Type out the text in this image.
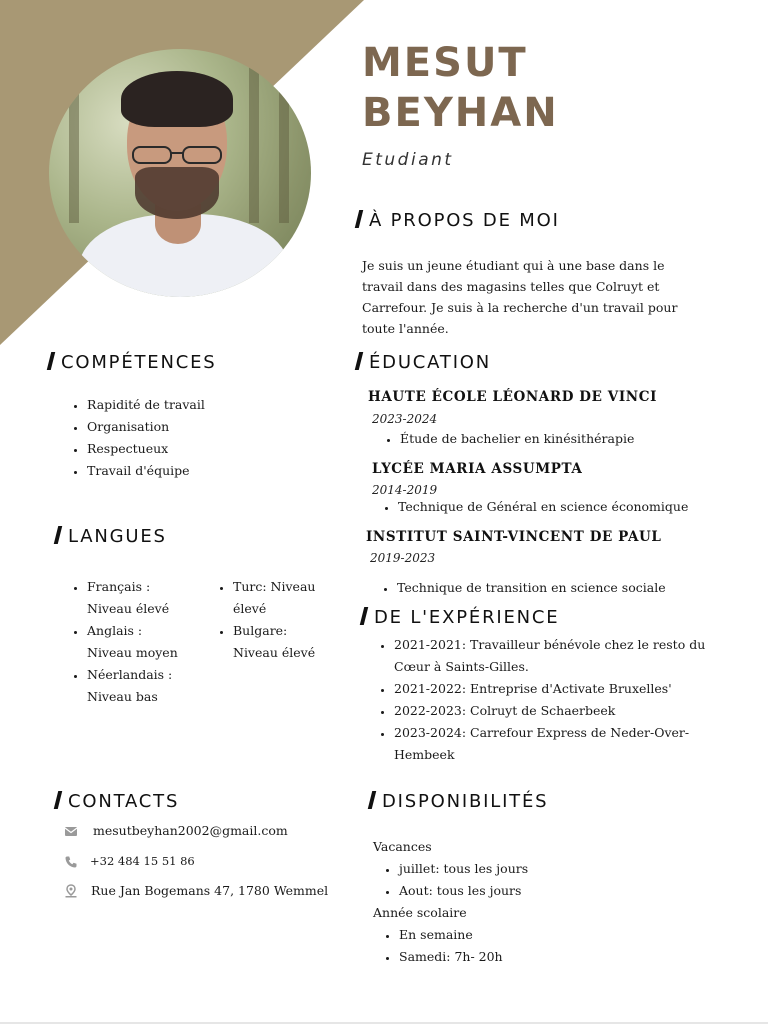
MESUT
BEYHAN
Etudiant
À PROPOS DE MOI
Je suis un jeune étudiant qui à une base dans le
travail dans des magasins telles que Colruyt et
Carrefour. Je suis à la recherche d'un travail pour
toute l'année.
COMPÉTENCES
• Rapidité de travail
• Organisation
• Respectueux
• Travail d'équipe
LANGUES
• Français :
Niveau élevé
• Anglais :
Niveau moyen
• Néerlandais :
Niveau bas
• Turc: Niveau
élevé
• Bulgare:
Niveau élevé
ÉDUCATION
HAUTE ÉCOLE LÉONARD DE VINCI
2023-2024
• Étude de bachelier en kinésithérapie
LYCÉE MARIA ASSUMPTA
2014-2019
• Technique de Général en science économique
INSTITUT SAINT-VINCENT DE PAUL
2019-2023
• Technique de transition en science sociale
DE L'EXPÉRIENCE
• 2021-2021: Travailleur bénévole chez le resto du
Cœur à Saints-Gilles.
• 2021-2022: Entreprise d'Activate Bruxelles'
• 2022-2023: Colruyt de Schaerbeek
• 2023-2024: Carrefour Express de Neder-Over-
Hembeek
CONTACTS
mesutbeyhan2002@gmail.com
+32 484 15 51 86
Rue Jan Bogemans 47, 1780 Wemmel
DISPONIBILITÉS
Vacances
• juillet: tous les jours
• Aout: tous les jours
Année scolaire
• En semaine
• Samedi: 7h- 20h
